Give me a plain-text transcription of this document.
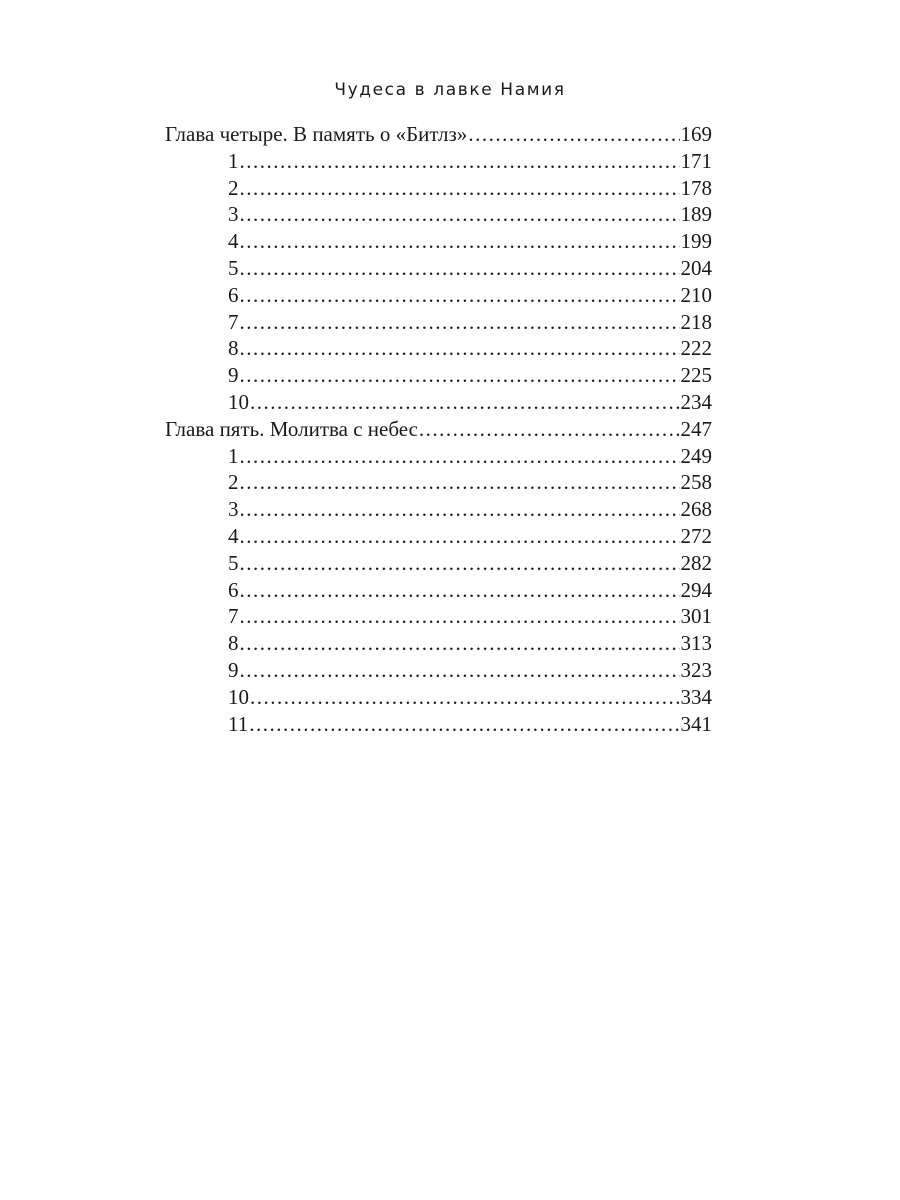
Чудеса в лавке Намия
Глава четыре. В память о «Битлз» .....	169
1 .....	171
2 .....	178
3 .....	189
4 .....	199
5 .....	204
6 .....	210
7 .....	218
8 .....	222
9 .....	225
10 .....	234
Глава пять. Молитва с небес .....	247
1 .....	249
2 .....	258
3 .....	268
4 .....	272
5 .....	282
6 .....	294
7 .....	301
8 .....	313
9 .....	323
10 .....	334
11 .....	341
